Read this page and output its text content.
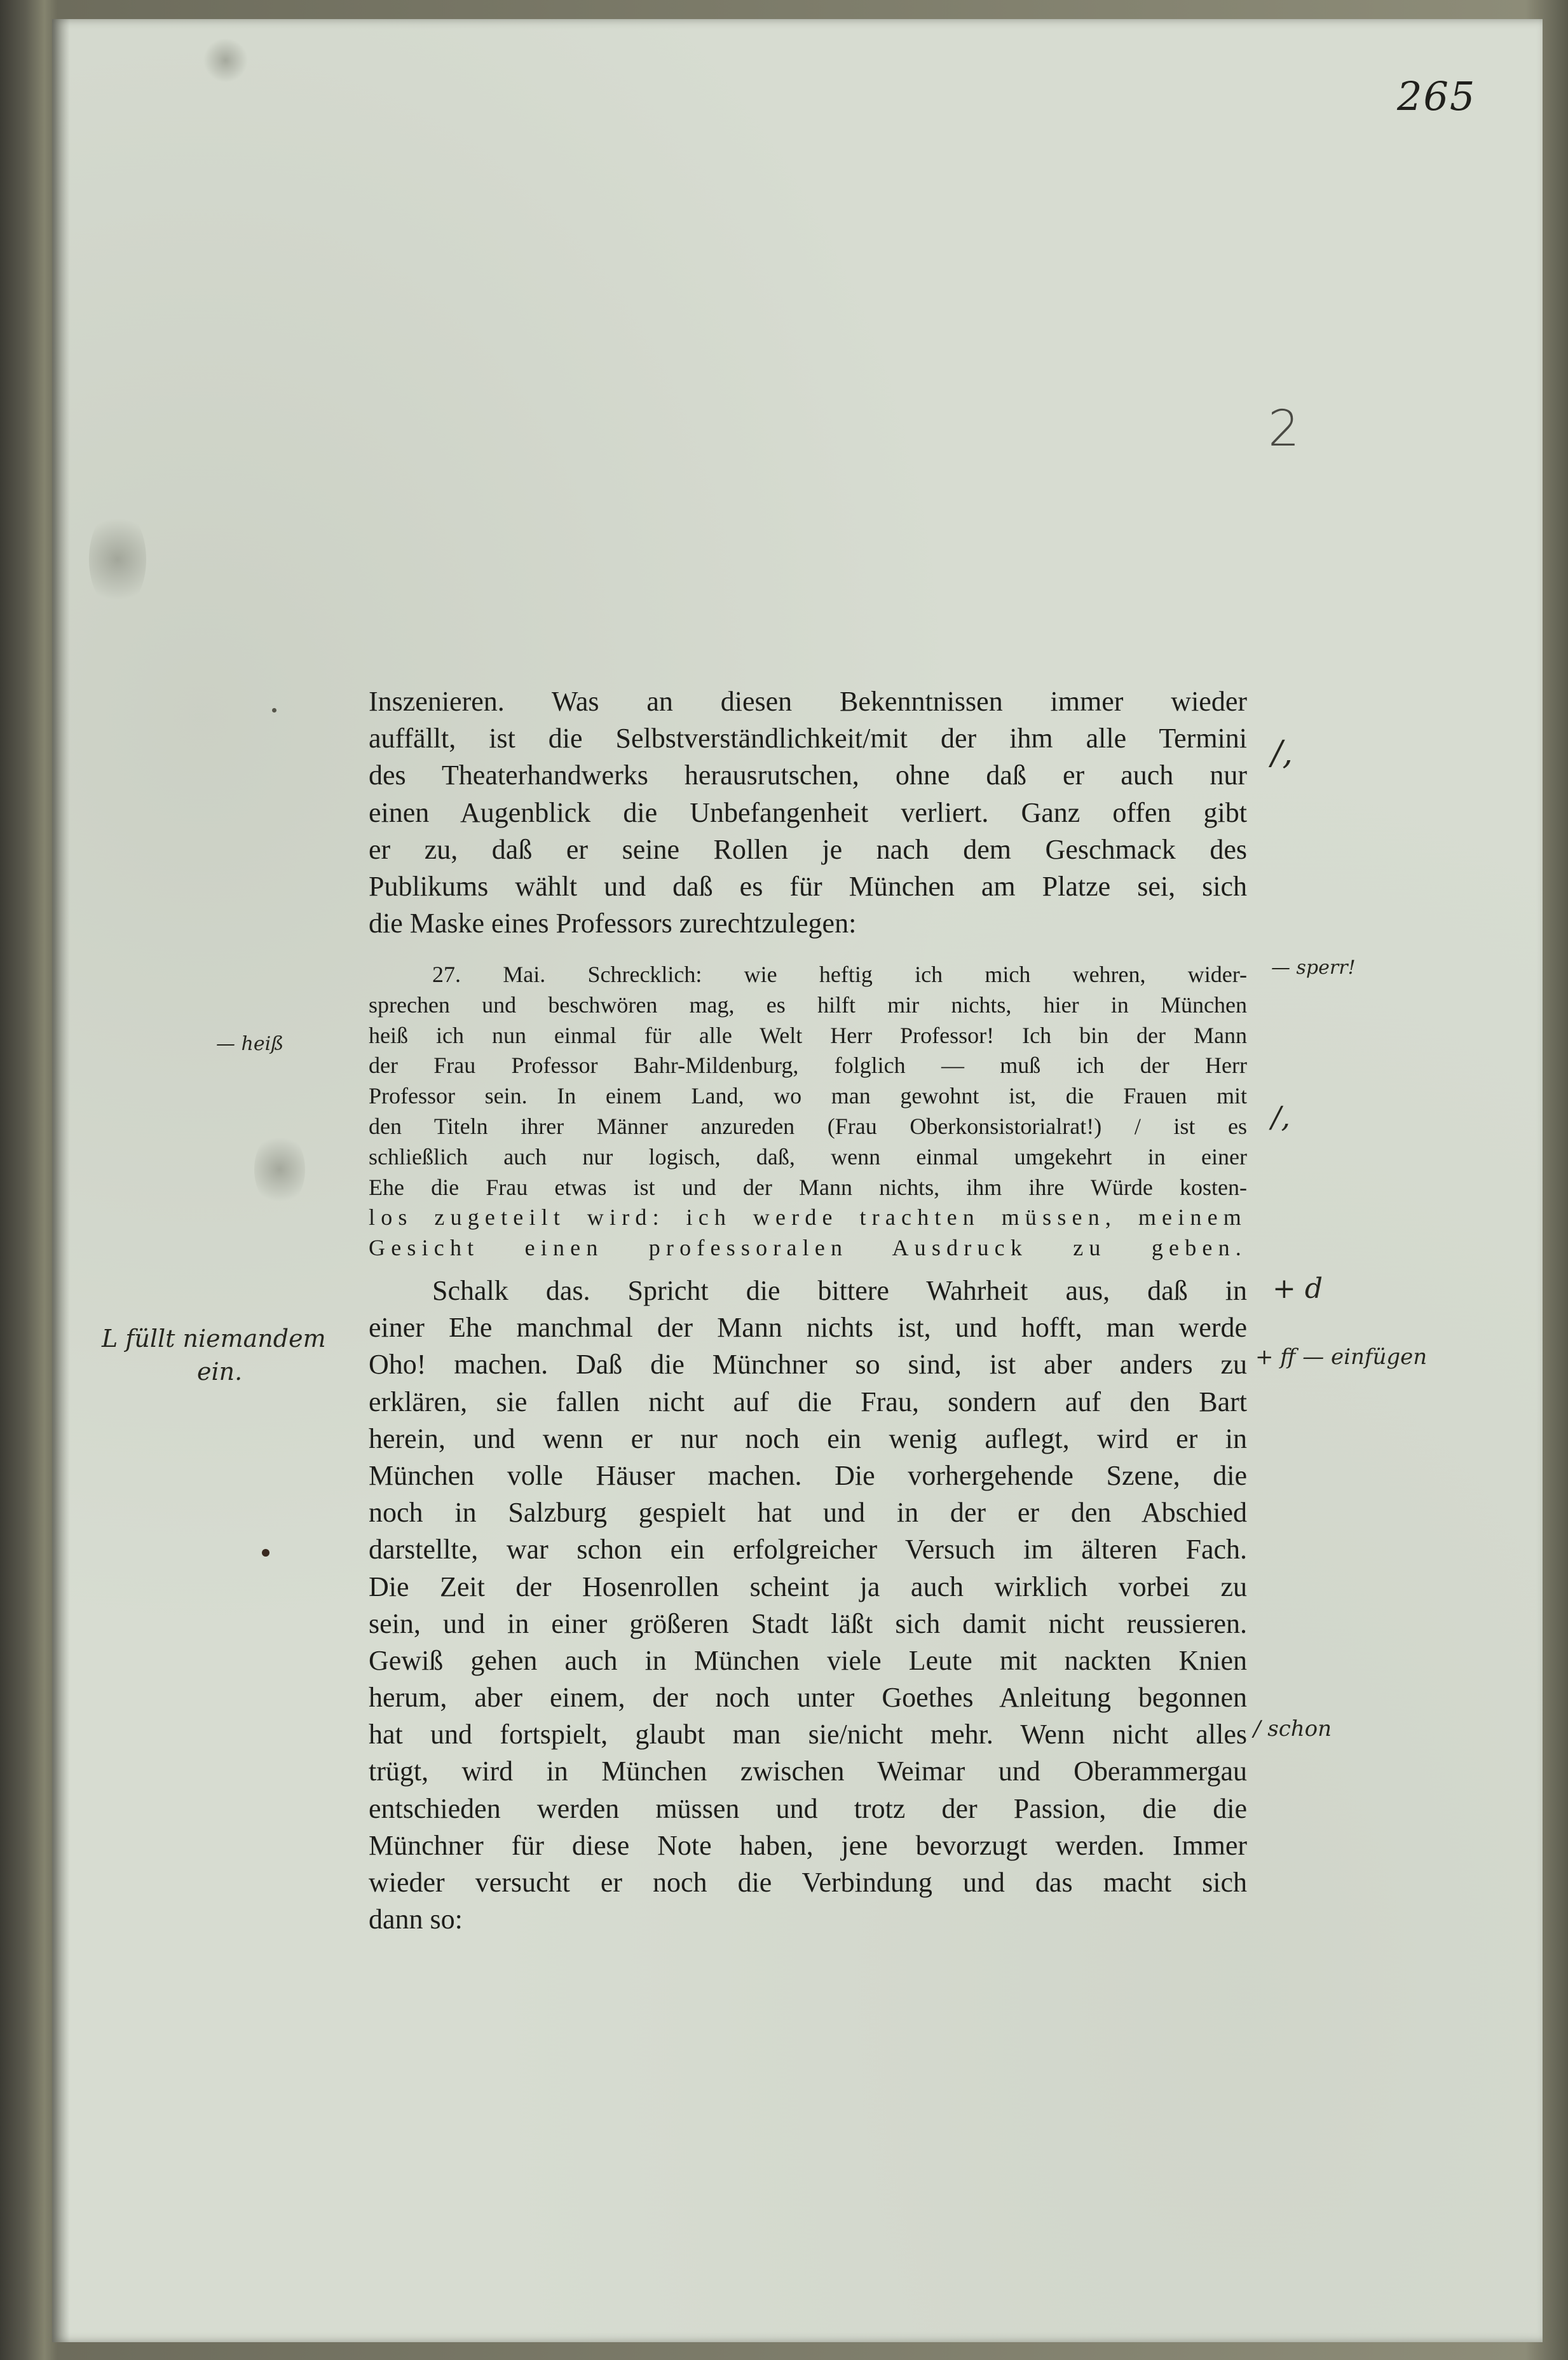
265
2
Inszenieren. Was an diesen Bekenntnissen immer wieder
auffällt, ist die Selbstverständlichkeit/mit der ihm alle Termini
des Theaterhandwerks herausrutschen, ohne daß er auch nur
einen Augenblick die Unbefangenheit verliert. Ganz offen gibt
er zu, daß er seine Rollen je nach dem Geschmack des
Publikums wählt und daß es für München am Platze sei, sich
die Maske eines Professors zurechtzulegen:
27. Mai. Schrecklich: wie heftig ich mich wehren, wider-
sprechen und beschwören mag, es hilft mir nichts, hier in München
heiß ich nun einmal für alle Welt Herr Professor! Ich bin der Mann
der Frau Professor Bahr-Mildenburg, folglich — muß ich der Herr
Professor sein. In einem Land, wo man gewohnt ist, die Frauen mit
den Titeln ihrer Männer anzureden (Frau Oberkonsistorialrat!) / ist es
schließlich auch nur logisch, daß, wenn einmal umgekehrt in einer
Ehe die Frau etwas ist und der Mann nichts, ihm ihre Würde kosten-
los zugeteilt wird: ich werde trachten müssen, meinem
Gesicht einen professoralen Ausdruck zu geben.
Schalk das. Spricht die bittere Wahrheit aus, daß in
einer Ehe manchmal der Mann nichts ist, und hofft, man werde
Oho! machen. Daß die Münchner so sind, ist aber anders zu
erklären, sie fallen nicht auf die Frau, sondern auf den Bart
herein, und wenn er nur noch ein wenig auflegt, wird er in
München volle Häuser machen. Die vorhergehende Szene, die
noch in Salzburg gespielt hat und in der er den Abschied
darstellte, war schon ein erfolgreicher Versuch im älteren Fach.
Die Zeit der Hosenrollen scheint ja auch wirklich vorbei zu
sein, und in einer größeren Stadt läßt sich damit nicht reussieren.
Gewiß gehen auch in München viele Leute mit nackten Knien
herum, aber einem, der noch unter Goethes Anleitung begonnen
hat und fortspielt, glaubt man sie/nicht mehr. Wenn nicht alles
trügt, wird in München zwischen Weimar und Oberammergau
entschieden werden müssen und trotz der Passion, die die
Münchner für diese Note haben, jene bevorzugt werden. Immer
wieder versucht er noch die Verbindung und das macht sich
dann so:
/,
— sperr!
— heiß
/,
+ d
L füllt niemandem
ein.
+ ff — einfügen
/ schon
